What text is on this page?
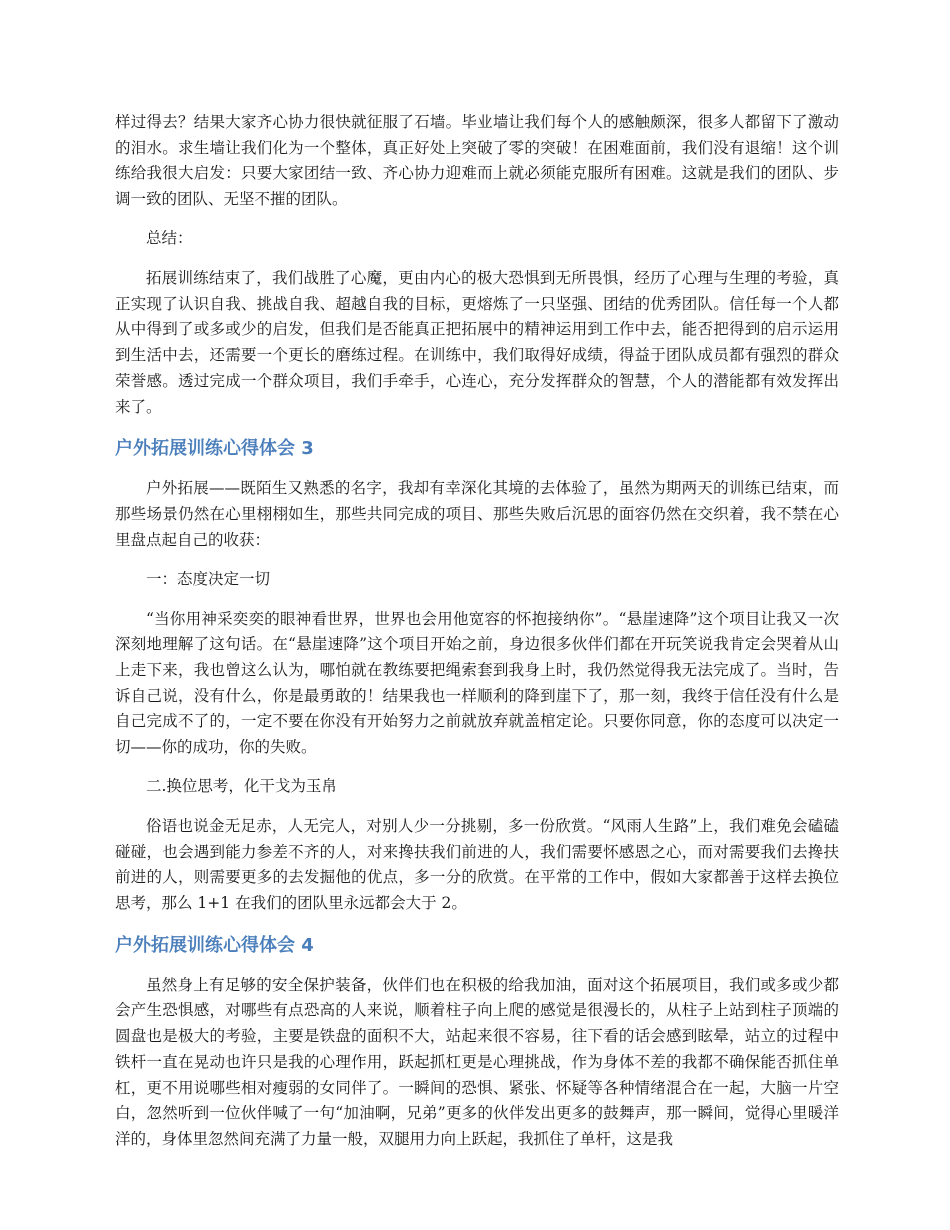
样过得去？结果大家齐心协力很快就征服了石墙。毕业墙让我们每个人的感触颇深，很多人都留下了激动的泪水。求生墙让我们化为一个整体，真正好处上突破了零的突破！在困难面前，我们没有退缩！这个训练给我很大启发：只要大家团结一致、齐心协力迎难而上就必须能克服所有困难。这就是我们的团队、步调一致的团队、无坚不摧的团队。

总结：

拓展训练结束了，我们战胜了心魔，更由内心的极大恐惧到无所畏惧，经历了心理与生理的考验，真正实现了认识自我、挑战自我、超越自我的目标，更熔炼了一只坚强、团结的优秀团队。信任每一个人都从中得到了或多或少的启发，但我们是否能真正把拓展中的精神运用到工作中去，能否把得到的启示运用到生活中去，还需要一个更长的磨练过程。在训练中，我们取得好成绩，得益于团队成员都有强烈的群众荣誉感。透过完成一个群众项目，我们手牵手，心连心，充分发挥群众的智慧，个人的潜能都有效发挥出来了。

户外拓展训练心得体会 3

户外拓展——既陌生又熟悉的名字，我却有幸深化其境的去体验了，虽然为期两天的训练已结束，而那些场景仍然在心里栩栩如生，那些共同完成的项目、那些失败后沉思的面容仍然在交织着，我不禁在心里盘点起自己的收获：

一：态度决定一切

“当你用神采奕奕的眼神看世界，世界也会用他宽容的怀抱接纳你”。“悬崖速降”这个项目让我又一次深刻地理解了这句话。在“悬崖速降”这个项目开始之前，身边很多伙伴们都在开玩笑说我肯定会哭着从山上走下来，我也曾这么认为，哪怕就在教练要把绳索套到我身上时，我仍然觉得我无法完成了。当时，告诉自己说，没有什么，你是最勇敢的！结果我也一样顺利的降到崖下了，那一刻，我终于信任没有什么是自己完成不了的，一定不要在你没有开始努力之前就放弃就盖棺定论。只要你同意，你的态度可以决定一切——你的成功，你的失败。

二.换位思考，化干戈为玉帛

俗语也说金无足赤，人无完人，对别人少一分挑剔，多一份欣赏。“风雨人生路”上，我们难免会磕磕碰碰，也会遇到能力参差不齐的人，对来搀扶我们前进的人，我们需要怀感恩之心，而对需要我们去搀扶前进的人，则需要更多的去发掘他的优点，多一分的欣赏。在平常的工作中，假如大家都善于这样去换位思考，那么 1+1 在我们的团队里永远都会大于 2。

户外拓展训练心得体会 4

虽然身上有足够的安全保护装备，伙伴们也在积极的给我加油，面对这个拓展项目，我们或多或少都会产生恐惧感，对哪些有点恐高的人来说，顺着柱子向上爬的感觉是很漫长的，从柱子上站到柱子顶端的圆盘也是极大的考验，主要是铁盘的面积不大，站起来很不容易，往下看的话会感到眩晕，站立的过程中铁杆一直在晃动也许只是我的心理作用，跃起抓杠更是心理挑战，作为身体不差的我都不确保能否抓住单杠，更不用说哪些相对瘦弱的女同伴了。一瞬间的恐惧、紧张、怀疑等各种情绪混合在一起，大脑一片空白，忽然听到一位伙伴喊了一句“加油啊，兄弟”更多的伙伴发出更多的鼓舞声，那一瞬间，觉得心里暖洋洋的，身体里忽然间充满了力量一般，双腿用力向上跃起，我抓住了单杆，这是我
